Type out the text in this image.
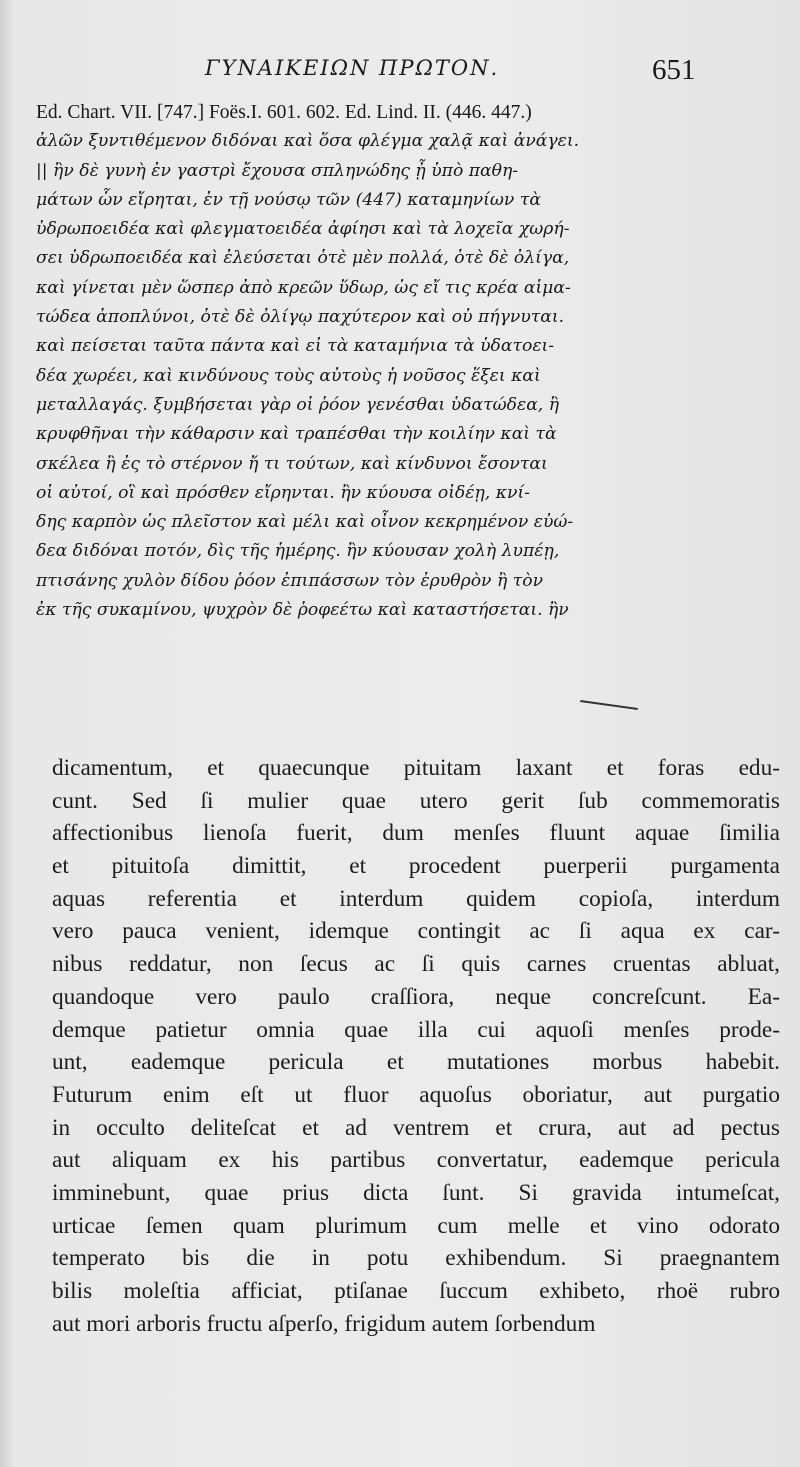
ΓΥΝΑΙΚΕΙΩΝ ΠΡΩΤΟΝ.	651
Ed. Chart. VII. [747.] Foës.I. 601. 602. Ed. Lind. II. (446. 447.)
ἀλῶν ξυντιθέμενον διδόναι καὶ ὅσα φλέγμα χαλᾷ καὶ ἀνάγει.
|| ἢν δὲ γυνὴ ἐν γαστρὶ ἔχουσα σπληνώδης ᾖ ὑπὸ παθη-
μάτων ὧν εἴρηται, ἐν τῇ νούσῳ τῶν (447) καταμηνίων τὰ
ὑδρωποειδέα καὶ φλεγματοειδέα ἀφίησι καὶ τὰ λοχεῖα χωρή-
σει ὑδρωποειδέα καὶ ἐλεύσεται ὁτὲ μὲν πολλά, ὁτὲ δὲ ὀλίγα,
καὶ γίνεται μὲν ὥσπερ ἀπὸ κρεῶν ὕδωρ, ὡς εἴ τις κρέα αἱμα-
τώδεα ἀποπλύνοι, ὁτὲ δὲ ὀλίγῳ παχύτερον καὶ οὐ πήγνυται.
καὶ πείσεται ταῦτα πάντα καὶ εἰ τὰ καταμήνια τὰ ὑδατοει-
δέα χωρέει, καὶ κινδύνους τοὺς αὐτοὺς ἡ νοῦσος ἕξει καὶ
μεταλλαγάς. ξυμβήσεται γὰρ οἱ ῥόον γενέσθαι ὑδατώδεα, ἢ
κρυφθῆναι τὴν κάθαρσιν καὶ τραπέσθαι τὴν κοιλίην καὶ τὰ
σκέλεα ἢ ἐς τὸ στέρνον ἤ τι τούτων, καὶ κίνδυνοι ἔσονται
οἱ αὐτοί, οἳ καὶ πρόσθεν εἴρηνται. ἢν κύουσα οἰδέῃ, κνί-
δης καρπὸν ὡς πλεῖστον καὶ μέλι καὶ οἶνον κεκρημένον εὐώ-
δεα διδόναι ποτόν, δὶς τῆς ἡμέρης. ἢν κύουσαν χολὴ λυπέῃ,
πτισάνης χυλὸν δίδου ῥόον ἐπιπάσσων τὸν ἐρυθρὸν ἢ τὸν
ἐκ τῆς συκαμίνου, ψυχρὸν δὲ ῥοφεέτω καὶ καταστήσεται. ἢν
dicamentum, et quaecunque pituitam laxant et foras edu-
cunt. Sed ſi mulier quae utero gerit ſub commemoratis
affectionibus lienoſa fuerit, dum menſes fluunt aquae ſimilia
et pituitoſa dimittit, et procedent puerperii purgamenta
aquas referentia et interdum quidem copioſa, interdum
vero pauca venient, idemque contingit ac ſi aqua ex car-
nibus reddatur, non ſecus ac ſi quis carnes cruentas abluat,
quandoque vero paulo craſſiora, neque concreſcunt. Ea-
demque patietur omnia quae illa cui aquoſi menſes prode-
unt, eademque pericula et mutationes morbus habebit.
Futurum enim eſt ut fluor aquoſus oboriatur, aut purgatio
in occulto deliteſcat et ad ventrem et crura, aut ad pectus
aut aliquam ex his partibus convertatur, eademque pericula
imminebunt, quae prius dicta ſunt. Si gravida intumeſcat,
urticae ſemen quam plurimum cum melle et vino odorato
temperato bis die in potu exhibendum. Si praegnantem
bilis moleſtia afficiat, ptiſanae ſuccum exhibeto, rhoë rubro
aut mori arboris fructu aſperſo, frigidum autem ſorbendum
